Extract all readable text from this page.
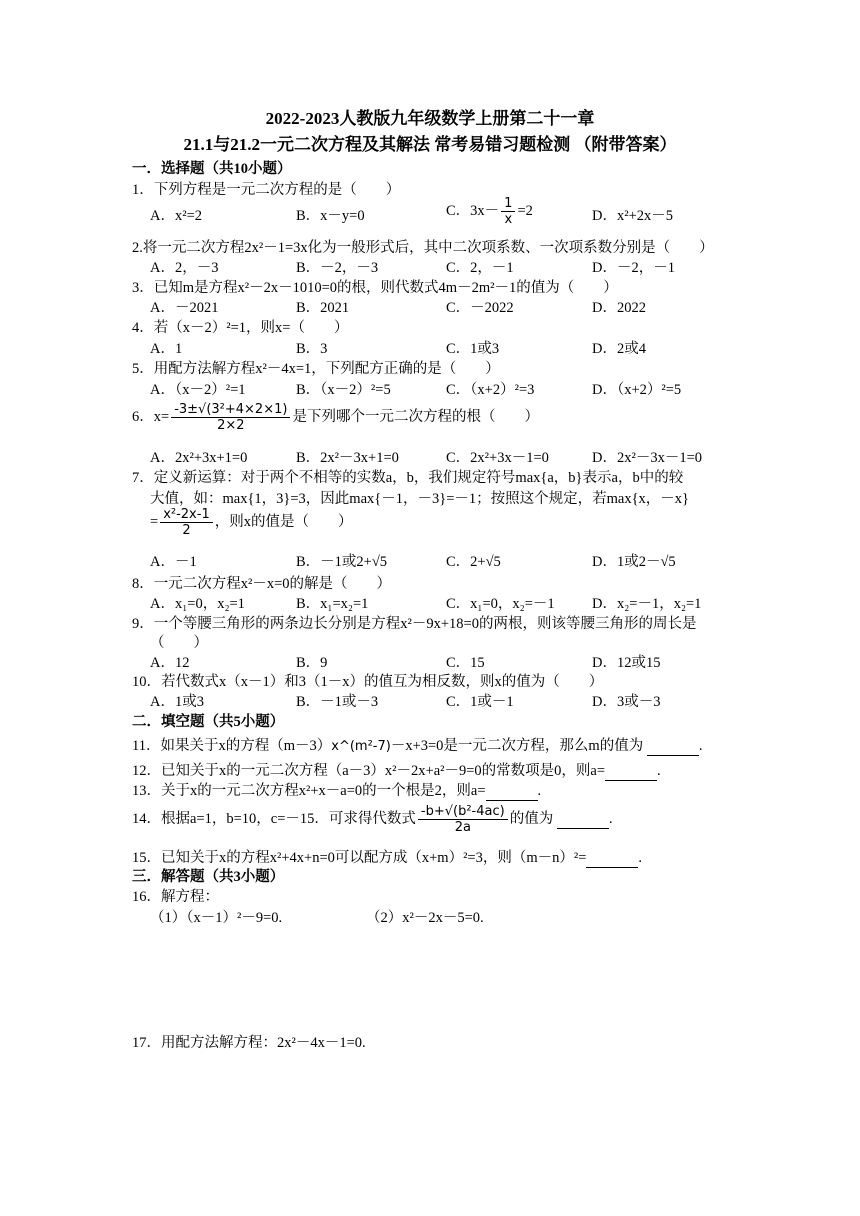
2022-2023人教版九年级数学上册第二十一章
21.1与21.2一元二次方程及其解法 常考易错习题检测 （附带答案）
一．选择题（共10小题）
1．下列方程是一元二次方程的是（　　）
A．x²=2	B．x－y=0	C．$3x- \frac{1}{x} =2$	D．x²+2x－5
2.将一元二次方程2x²－1=3x化为一般形式后，其中二次项系数、一次项系数分别是（　　）
A．2，－3	B．－2，－3	C．2，－1	D．－2，－1
3．已知m是方程x²－2x－1010=0的根，则代数式4m－2m²－1的值为（　　）
A．－2021	B．2021	C．－2022	D．2022
4．若（x－2）²=1，则x=（　　）
A．1	B．3	C．1或3	D．2或4
5．用配方法解方程x²－4x=1，下列配方正确的是（　　）
A．（x－2）²=1	B．（x－2）²=5	C．（x+2）²=3	D．（x+2）²=5
6．$x= \frac{\text{-3±√(3²+4×2×1)}}{2\times 2}$ 是下列哪个一元二次方程的根（　　）
A．2x²+3x+1=0	B．2x²－3x+1=0	C．2x²+3x－1=0	D．2x²－3x－1=0
7．定义新运算：对于两个不相等的实数a，b，我们规定符号max{a，b}表示a，b中的较
大值，如：max{1，3}=3，因此max{－1，－3}=－1；按照这个规定，若max{x，－x}
= $\frac{\text{x²-2x-1}}{2}$ ，则x的值是（　　）
A．－1	B．－1或2+√5	C．2+√5	D．1或2－√5
8．一元二次方程x²－x=0的解是（　　）
A．x₁=0，x₂=1	B．x₁=x₂=1	C．x₁=0，x₂=－1	D．x₂=－1，x₂=1
9．一个等腰三角形的两条边长分别是方程x²－9x+18=0的两根，则该等腰三角形的周长是
（　　）
A．12	B．9	C．15	D．12或15
10．若代数式x（x－1）和3（1－x）的值互为相反数，则x的值为（　　）
A．1或3	B．－1或－3	C．1或－1	D．3或－3
二．填空题（共5小题）
11．如果关于x的方程（m－3）x^(m²-7)－x+3=0是一元二次方程，那么m的值为	.
12．已知关于x的一元二次方程（a－3）x²－2x+a²－9=0的常数项是0，则a=	.
13．关于x的一元二次方程x²+x－a=0的一个根是2，则a=	.
14．根据a=1，b=10，c=－15．可求得代数式 $\frac{\text{-b+√(b²-4ac)}}{2a}$ 的值为	.
15．已知关于x的方程x²+4x+n=0可以配方成（x+m）²=3，则（m－n）²=	.
三．解答题（共3小题）
16．解方程：
（1）（x－1）²－9=0.	（2）x²－2x－5=0.
17．用配方法解方程：2x²－4x－1=0.
